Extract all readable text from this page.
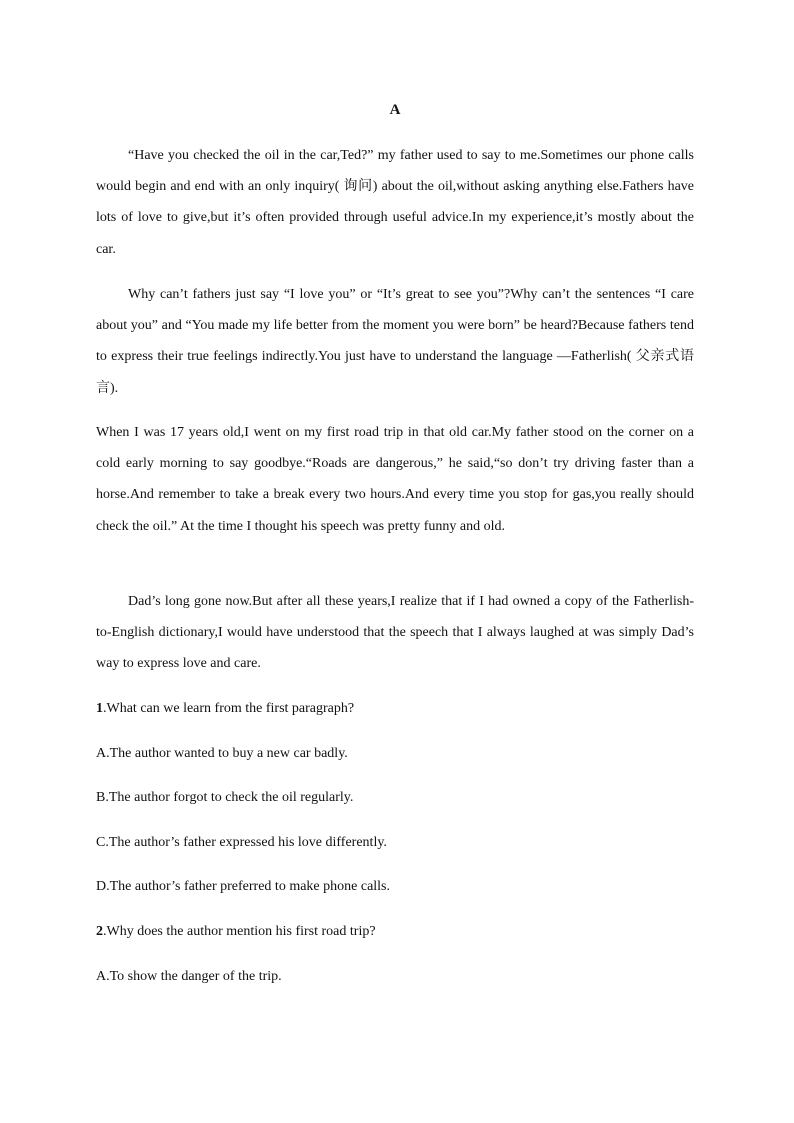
A

“Have you checked the oil in the car,Ted?” my father used to say to me.Sometimes our phone calls would begin and end with an only inquiry( 询问) about the oil,without asking anything else.Fathers have lots of love to give,but it’s often provided through useful advice.In my experience,it’s mostly about the car.

Why can’t fathers just say “I love you” or “It’s great to see you”?Why can’t the sentences “I care about you” and “You made my life better from the moment you were born” be heard?Because fathers tend to express their true feelings indirectly.You just have to understand the language —Fatherlish( 父亲式语言).

When I was 17 years old,I went on my first road trip in that old car.My father stood on the corner on a cold early morning to say goodbye.“Roads are dangerous,” he said,“so don’t try driving faster than a horse.And remember to take a break every two hours.And every time you stop for gas,you really should check the oil.” At the time I thought his speech was pretty funny and old.

Dad’s long gone now.But after all these years,I realize that if I had owned a copy of the Fatherlish-to-English dictionary,I would have understood that the speech that I always laughed at was simply Dad’s way to express love and care.

1.What can we learn from the first paragraph?

A.The author wanted to buy a new car badly.

B.The author forgot to check the oil regularly.

C.The author’s father expressed his love differently.

D.The author’s father preferred to make phone calls.

2.Why does the author mention his first road trip?

A.To show the danger of the trip.
